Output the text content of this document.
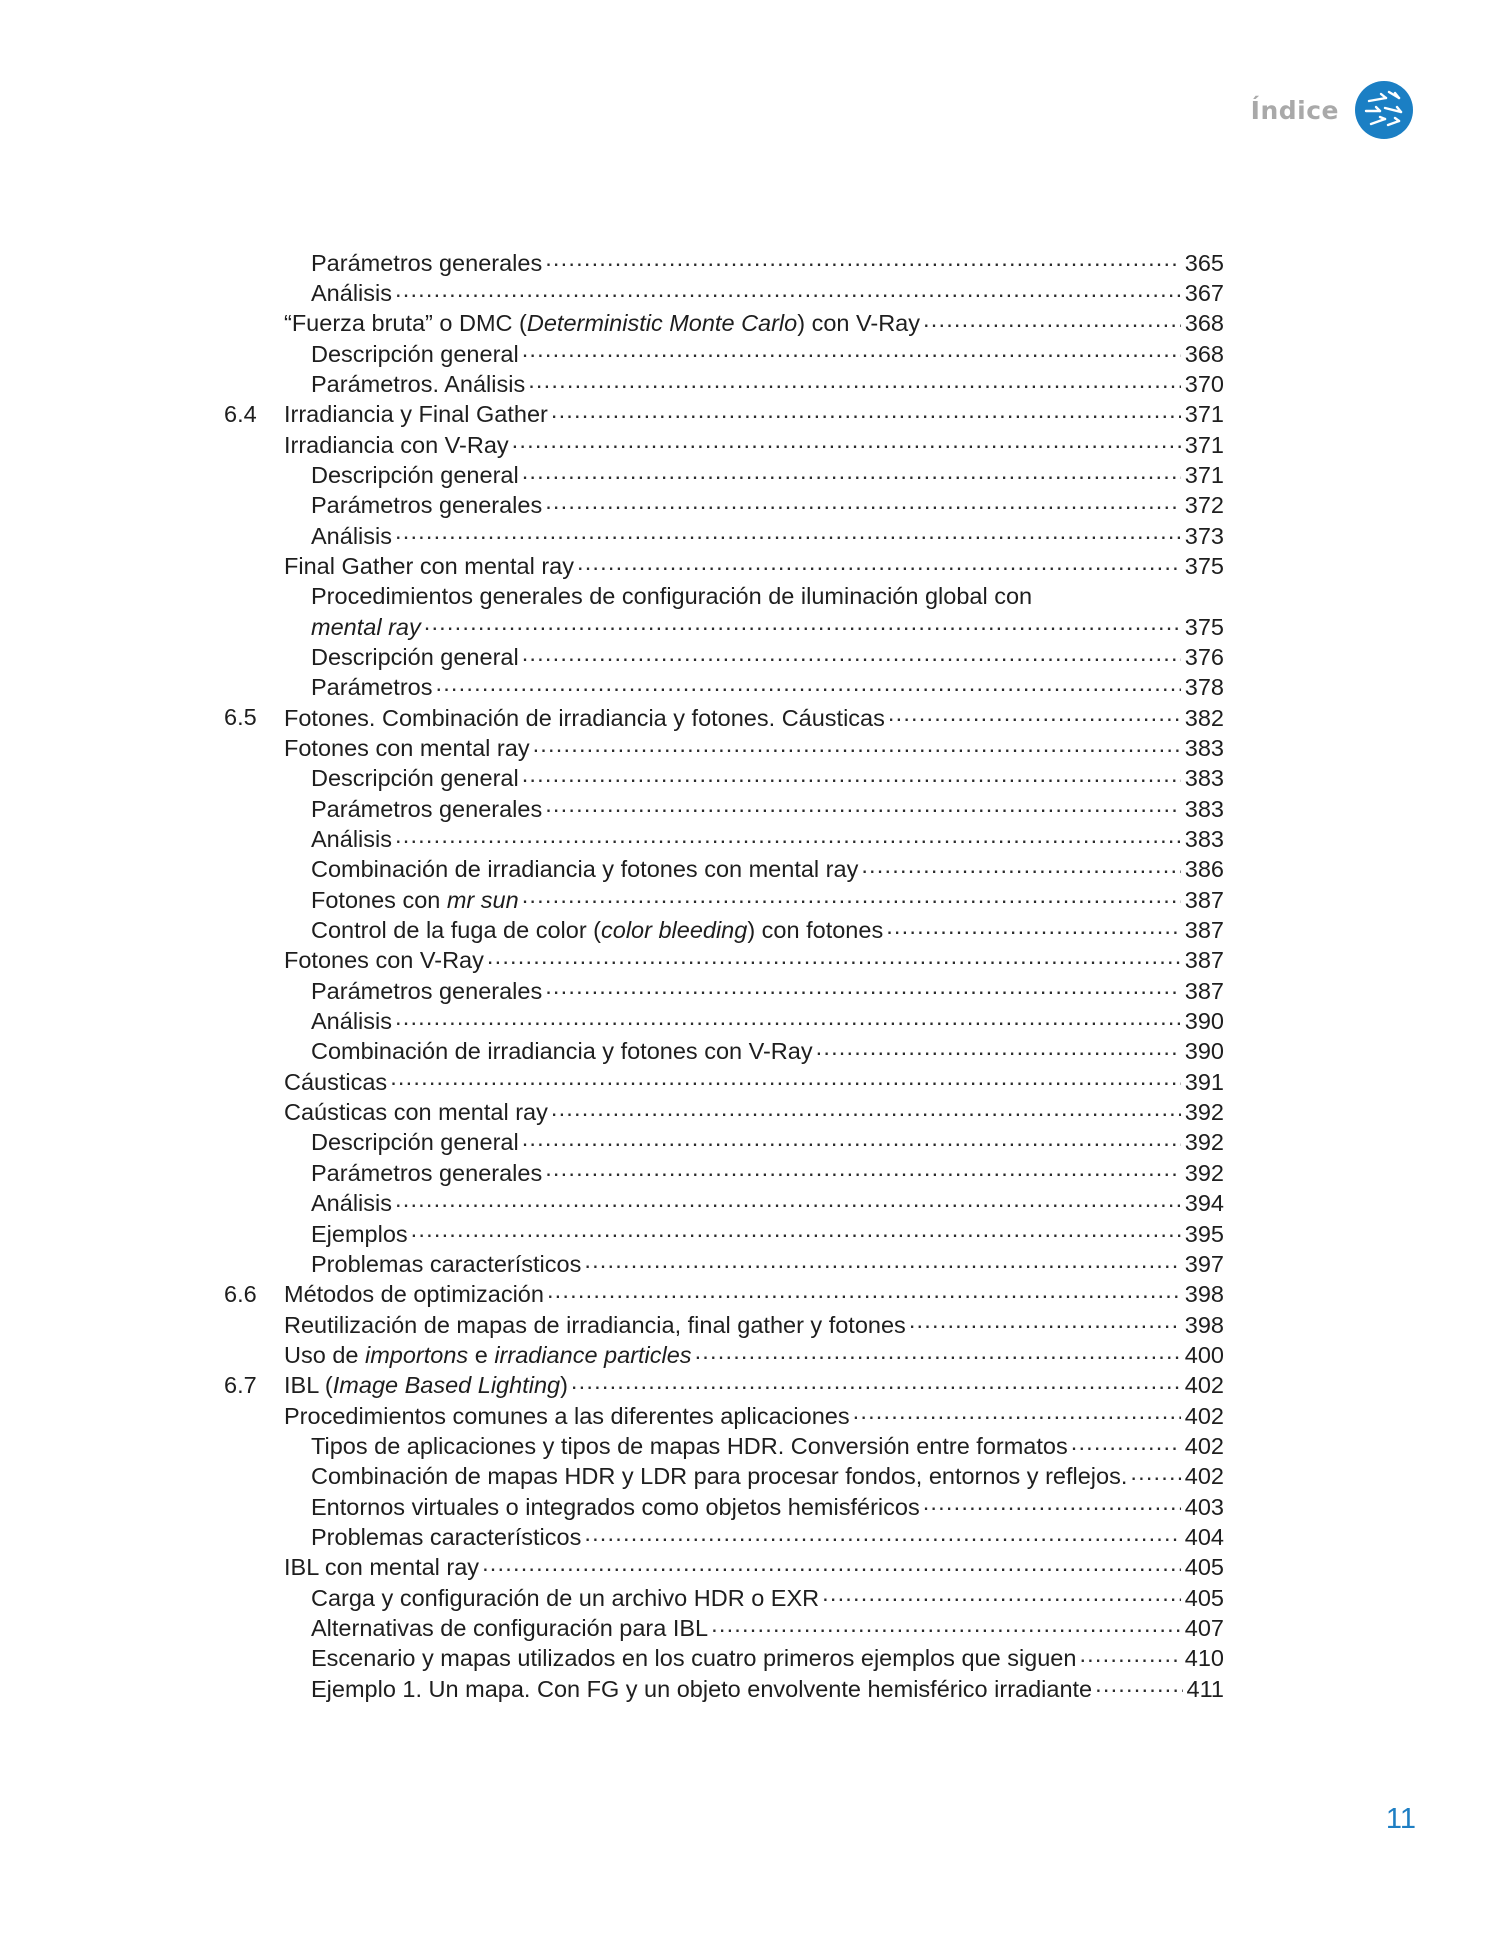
Índice
Parámetros generales .....	365
Análisis .....	367
“Fuerza bruta” o DMC (Deterministic Monte Carlo) con V-Ray .....	368
Descripción general .....	368
Parámetros. Análisis .....	370
6.4	Irradiancia y Final Gather .....	371
Irradiancia con V-Ray .....	371
Descripción general .....	371
Parámetros generales .....	372
Análisis .....	373
Final Gather con mental ray .....	375
Procedimientos generales de configuración de iluminación global con
mental ray .....	375
Descripción general .....	376
Parámetros .....	378
6.5	Fotones. Combinación de irradiancia y fotones. Cáusticas .....	382
Fotones con mental ray .....	383
Descripción general .....	383
Parámetros generales .....	383
Análisis .....	383
Combinación de irradiancia y fotones con mental ray .....	386
Fotones con mr sun .....	387
Control de la fuga de color (color bleeding) con fotones .....	387
Fotones con V-Ray .....	387
Parámetros generales .....	387
Análisis .....	390
Combinación de irradiancia y fotones con V-Ray .....	390
Cáusticas .....	391
Caústicas con mental ray .....	392
Descripción general .....	392
Parámetros generales .....	392
Análisis .....	394
Ejemplos .....	395
Problemas característicos .....	397
6.6	Métodos de optimización .....	398
Reutilización de mapas de irradiancia, final gather y fotones .....	398
Uso de importons e irradiance particles .....	400
6.7	IBL (Image Based Lighting) .....	402
Procedimientos comunes a las diferentes aplicaciones .....	402
Tipos de aplicaciones y tipos de mapas HDR. Conversión entre formatos .....	402
Combinación de mapas HDR y LDR para procesar fondos, entornos y reflejos. ..... 402
Entornos virtuales o integrados como objetos hemisféricos .....	403
Problemas característicos .....	404
IBL con mental ray .....	405
Carga y configuración de un archivo HDR o EXR .....	405
Alternativas de configuración para IBL .....	407
Escenario y mapas utilizados en los cuatro primeros ejemplos que siguen .....	410
Ejemplo 1. Un mapa. Con FG y un objeto envolvente hemisférico irradiante .....	411
11
